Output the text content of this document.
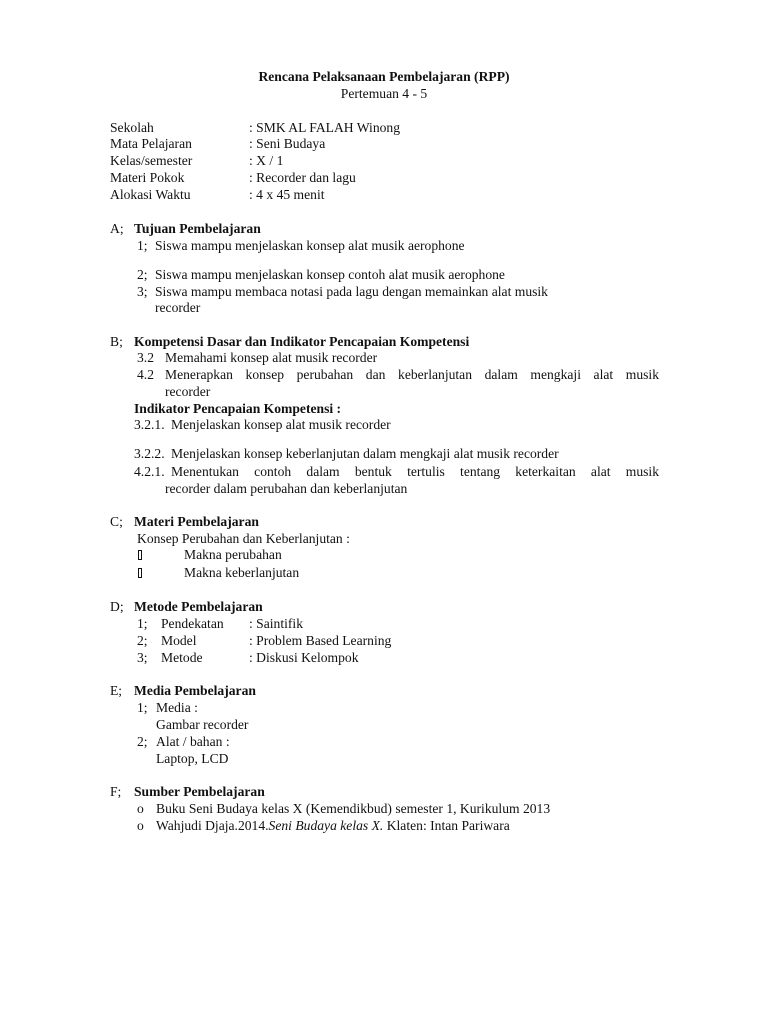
Rencana Pelaksanaan Pembelajaran (RPP)
Pertemuan 4 - 5
Sekolah	: SMK AL FALAH Winong
Mata Pelajaran	: Seni Budaya
Kelas/semester	: X / 1
Materi Pokok	: Recorder dan lagu
Alokasi Waktu	: 4 x 45 menit
A; Tujuan Pembelajaran
1; Siswa mampu menjelaskan konsep alat musik aerophone
2; Siswa mampu menjelaskan konsep contoh alat musik aerophone
3; Siswa mampu membaca notasi pada lagu dengan memainkan alat musik
recorder
B; Kompetensi Dasar dan Indikator Pencapaian Kompetensi
3.2 Memahami konsep alat musik recorder
4.2 Menerapkan konsep perubahan dan keberlanjutan dalam mengkaji alat musik
recorder
Indikator Pencapaian Kompetensi :
3.2.1. Menjelaskan konsep alat musik recorder
3.2.2. Menjelaskan konsep keberlanjutan dalam mengkaji alat musik recorder
4.2.1. Menentukan contoh dalam bentuk tertulis tentang keterkaitan alat musik
recorder dalam perubahan dan keberlanjutan
C; Materi Pembelajaran
Konsep Perubahan dan Keberlanjutan :
Makna perubahan
Makna keberlanjutan
D; Metode Pembelajaran
1; Pendekatan : Saintifik
2; Model	: Problem Based Learning
3; Metode	: Diskusi Kelompok
E; Media Pembelajaran
1; Media :
Gambar recorder
2; Alat / bahan :
Laptop, LCD
F; Sumber Pembelajaran
o Buku Seni Budaya kelas X (Kemendikbud) semester 1, Kurikulum 2013
o Wahjudi Djaja.2014.Seni Budaya kelas X. Klaten: Intan Pariwara
